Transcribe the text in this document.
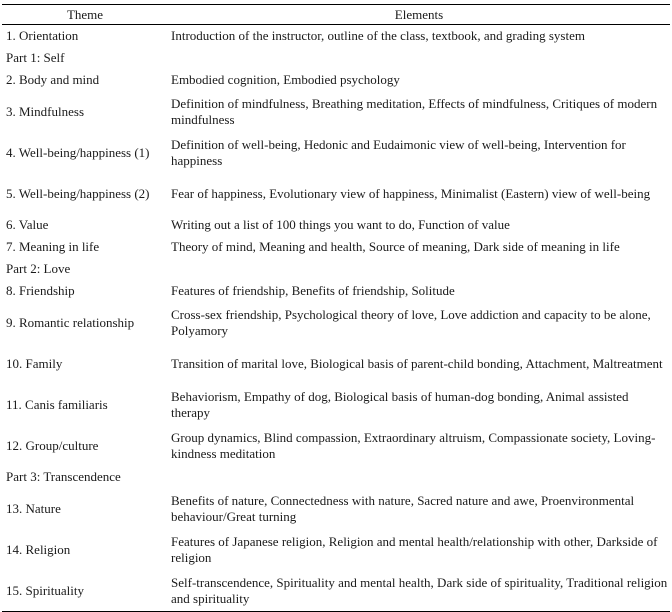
Theme	Elements
1. Orientation	Introduction of the instructor, outline of the class, textbook, and grading system
Part 1: Self	
2. Body and mind	Embodied cognition, Embodied psychology
3. Mindfulness	Definition of mindfulness, Breathing meditation, Effects of mindfulness, Critiques of modern mindfulness
4. Well-being/happiness (1)	Definition of well-being, Hedonic and Eudaimonic view of well-being, Intervention for happiness
5. Well-being/happiness (2)	Fear of happiness, Evolutionary view of happiness, Minimalist (Eastern) view of well-being
6. Value	Writing out a list of 100 things you want to do, Function of value
7. Meaning in life	Theory of mind, Meaning and health, Source of meaning, Dark side of meaning in life
Part 2: Love	
8. Friendship	Features of friendship, Benefits of friendship, Solitude
9. Romantic relationship	Cross-sex friendship, Psychological theory of love, Love addiction and capacity to be alone, Polyamory
10. Family	Transition of marital love, Biological basis of parent-child bonding, Attachment, Maltreatment
11. Canis familiaris	Behaviorism, Empathy of dog, Biological basis of human-dog bonding, Animal assisted therapy
12. Group/culture	Group dynamics, Blind compassion, Extraordinary altruism, Compassionate society, Loving-kindness meditation
Part 3: Transcendence	
13. Nature	Benefits of nature, Connectedness with nature, Sacred nature and awe, Proenvironmental behaviour/Great turning
14. Religion	Features of Japanese religion, Religion and mental health/relationship with other, Darkside of religion
15. Spirituality	Self-transcendence, Spirituality and mental health, Dark side of spirituality, Traditional religion and spirituality
